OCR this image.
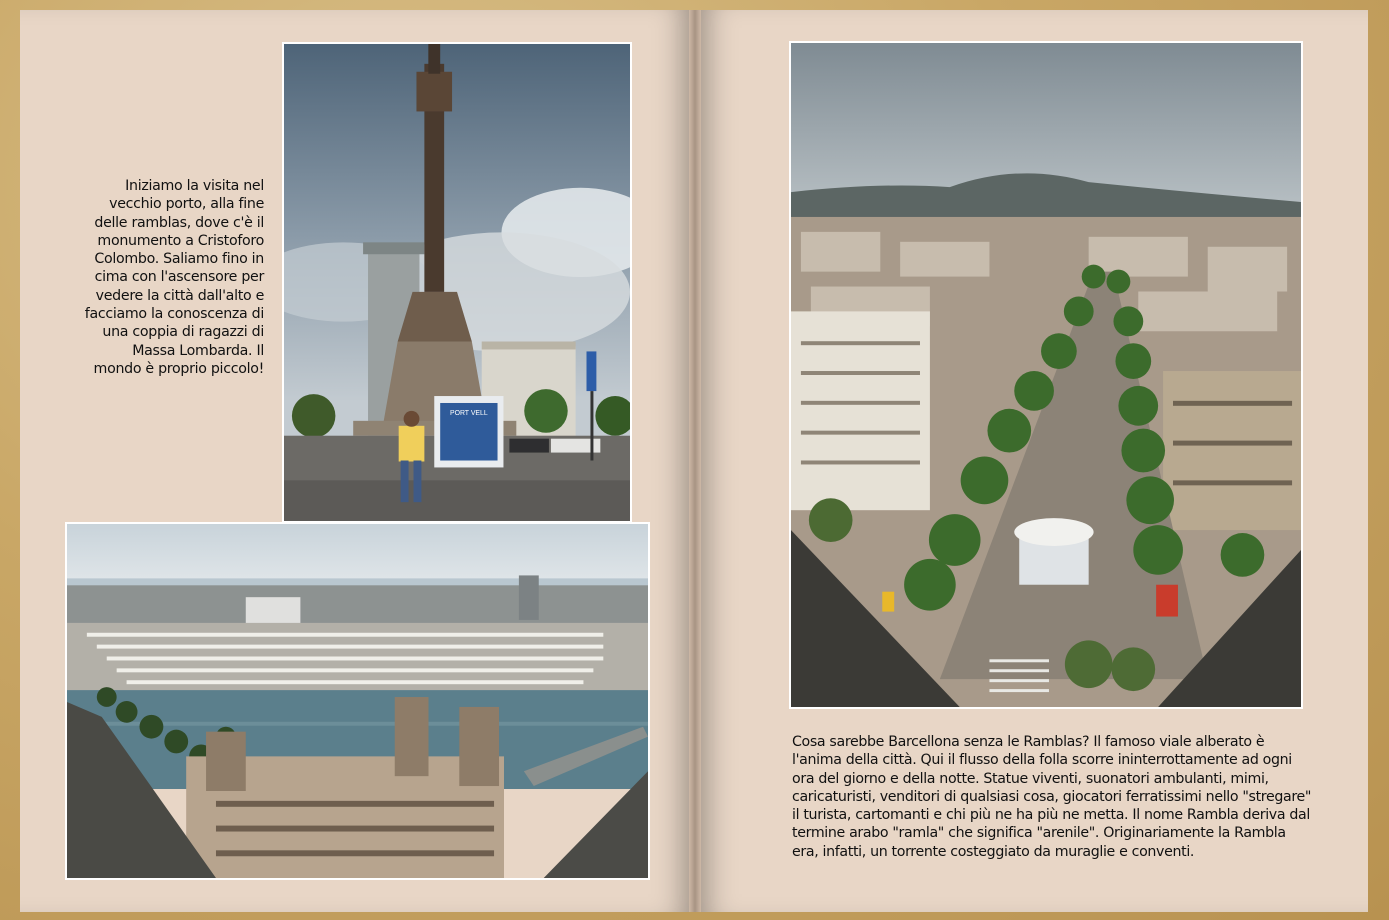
Iniziamo la visita nel vecchio porto, alla fine delle ramblas, dove c'è il monumento a Cristoforo Colombo. Saliamo fino in cima con l'ascensore per vedere la città dall'alto e facciamo la conoscenza di una coppia di ragazzi di Massa Lombarda. Il mondo è proprio piccolo!
PORT VELL
Cosa sarebbe Barcellona senza le Ramblas? Il famoso viale alberato è l'anima della città. Qui il flusso della folla scorre ininterrottamente ad ogni ora del giorno e della notte. Statue viventi, suonatori ambulanti, mimi, caricaturisti, venditori di qualsiasi cosa, giocatori ferratissimi nello "stregare" il turista, cartomanti e chi più ne ha più ne metta. Il nome Rambla deriva dal termine arabo "ramla" che significa "arenile". Originariamente la Rambla era, infatti, un torrente costeggiato da muraglie e conventi.
